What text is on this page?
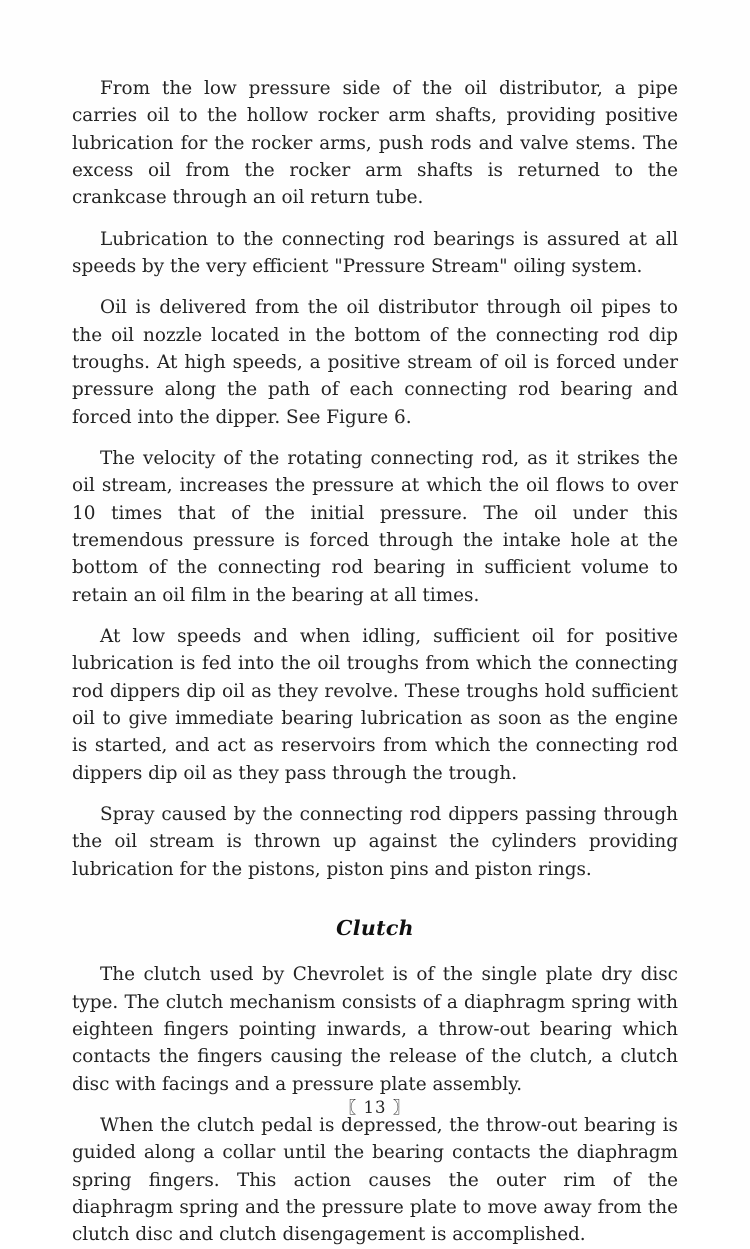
From the low pressure side of the oil distributor, a pipe carries oil to the hollow rocker arm shafts, providing positive lubrication for the rocker arms, push rods and valve stems. The excess oil from the rocker arm shafts is returned to the crankcase through an oil return tube.

Lubrication to the connecting rod bearings is assured at all speeds by the very efficient "Pressure Stream" oiling system.

Oil is delivered from the oil distributor through oil pipes to the oil nozzle located in the bottom of the connecting rod dip troughs. At high speeds, a positive stream of oil is forced under pressure along the path of each connecting rod bearing and forced into the dipper. See Figure 6.

The velocity of the rotating connecting rod, as it strikes the oil stream, increases the pressure at which the oil flows to over 10 times that of the initial pressure. The oil under this tremendous pressure is forced through the intake hole at the bottom of the connecting rod bearing in sufficient volume to retain an oil film in the bearing at all times.

At low speeds and when idling, sufficient oil for positive lubrication is fed into the oil troughs from which the connecting rod dippers dip oil as they revolve. These troughs hold sufficient oil to give immediate bearing lubrication as soon as the engine is started, and act as reservoirs from which the connecting rod dippers dip oil as they pass through the trough.

Spray caused by the connecting rod dippers passing through the oil stream is thrown up against the cylinders providing lubrication for the pistons, piston pins and piston rings.

Clutch

The clutch used by Chevrolet is of the single plate dry disc type. The clutch mechanism consists of a diaphragm spring with eighteen fingers pointing inwards, a throw-out bearing which contacts the fingers causing the release of the clutch, a clutch disc with facings and a pressure plate assembly.

When the clutch pedal is depressed, the throw-out bearing is guided along a collar until the bearing contacts the diaphragm spring fingers. This action causes the outer rim of the diaphragm spring and the pressure plate to move away from the clutch disc and clutch disengagement is accomplished.

〖 13 〗
